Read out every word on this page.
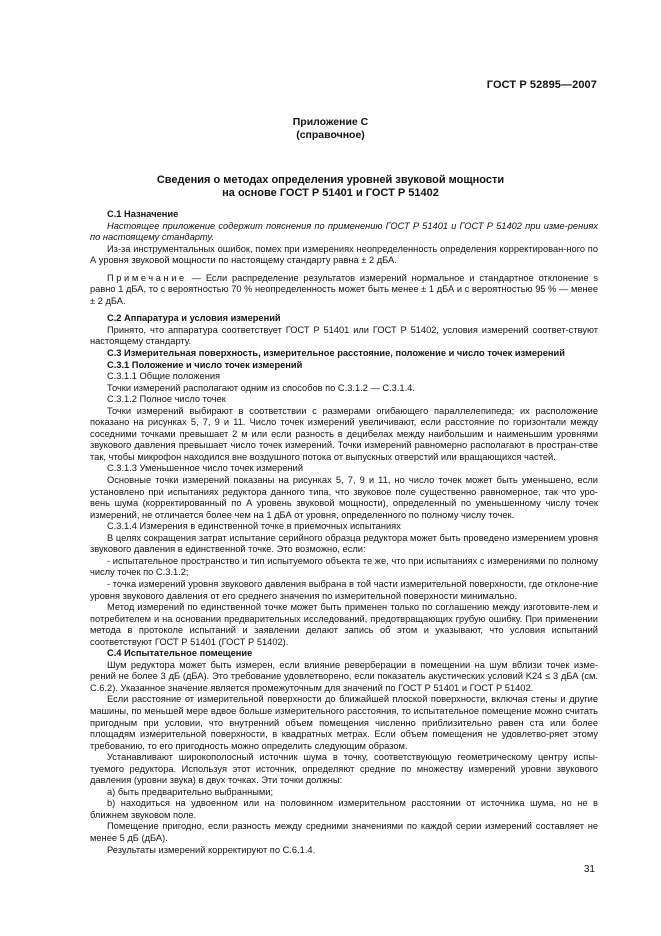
ГОСТ Р 52895—2007
Приложение С
(справочное)
Сведения о методах определения уровней звуковой мощности
на основе ГОСТ Р 51401 и ГОСТ Р 51402

С.1 Назначение

Настоящее приложение содержит пояснения по применению ГОСТ Р 51401 и ГОСТ Р 51402 при изме-рениях по настоящему стандарту.

Из-за инструментальных ошибок, помех при измерениях неопределенность определения корректирован-ного по А уровня звуковой мощности по настоящему стандарту равна ± 2 дБА.

Примечание — Если распределение результатов измерений нормальное и стандартное отклонение s равно 1 дБА, то с вероятностью 70 % неопределенность может быть менее ± 1 дБА и с вероятностью 95 % — менее ± 2 дБА.

С.2 Аппаратура и условия измерений

Принято, что аппаратура соответствует ГОСТ Р 51401 или ГОСТ Р 51402, условия измерений соответ-ствуют настоящему стандарту.

С.3 Измерительная поверхность, измерительное расстояние, положение и число точек измерений

С.3.1 Положение и число точек измерений

С.3.1.1 Общие положения

Точки измерений располагают одним из способов по С.3.1.2 — С.3.1.4.

С.3.1.2 Полное число точек

Точки измерений выбирают в соответствии с размерами огибающего параллелепипеда; их расположение показано на рисунках 5, 7, 9 и 11. Число точек измерений увеличивают, если расстояние по горизонтали между соседними точками превышает 2 м или если разность в децибелах между наибольшим и наименьшим уровнями звукового давления превышает число точек измерений. Точки измерений равномерно располагают в простран-стве так, чтобы микрофон находился вне воздушного потока от выпускных отверстий или вращающихся частей.

С.3.1.3 Уменьшенное число точек измерений

Основные точки измерений показаны на рисунках 5, 7, 9 и 11, но число точек может быть уменьшено, если установлено при испытаниях редуктора данного типа, что звуковое поле существенно равномерное, так что уро-вень шума (корректированный по А уровень звуковой мощности), определенный по уменьшенному числу точек измерений, не отличается более чем на 1 дБА от уровня, определенного по полному числу точек.

С.3.1.4 Измерения в единственной точке в приемочных испытаниях

В целях сокращения затрат испытание серийного образца редуктора может быть проведено измерением уровня звукового давления в единственной точке. Это возможно, если:

- испытательное пространство и тип испытуемого объекта те же, что при испытаниях с измерениями по полному числу точек по С.3.1.2;

- точка измерений уровня звукового давления выбрана в той части измерительной поверхности, где отклоне-ние уровня звукового давления от его среднего значения по измерительной поверхности минимально.

Метод измерений по единственной точке может быть применен только по соглашению между изготовите-лем и потребителем и на основании предварительных исследований, предотвращающих грубую ошибку. При применении метода в протоколе испытаний и заявлении делают запись об этом и указывают, что условия испытаний соответствуют ГОСТ Р 51401 (ГОСТ Р 51402).

С.4 Испытательное помещение

Шум редуктора может быть измерен, если влияние реверберации в помещении на шум вблизи точек изме-рений не более 3 дБ (дБА). Это требование удовлетворено, если показатель акустических условий K24 ≤ 3 дБА (см. С.6.2). Указанное значение является промежуточным для значений по ГОСТ Р 51401 и ГОСТ Р 51402.

Если расстояние от измерительной поверхности до ближайшей плоской поверхности, включая стены и другие машины, по меньшей мере вдвое больше измерительного расстояния, то испытательное помещение можно считать пригодным при условии, что внутренний объем помещения численно приблизительно равен ста или более площадям измерительной поверхности, в квадратных метрах. Если объем помещения не удовлетво-ряет этому требованию, то его пригодность можно определить следующим образом.

Устанавливают широкополосный источник шума в точку, соответствующую геометрическому центру испы-туемого редуктора. Используя этот источник, определяют средние по множеству измерений уровни звукового давления (уровни звука) в двух точках. Эти точки должны:

а) быть предварительно выбранными;

b) находиться на удвоенном или на половинном измерительном расстоянии от источника шума, но не в ближнем звуковом поле.

Помещение пригодно, если разность между средними значениями по каждой серии измерений составляет не менее 5 дБ (дБА).

Результаты измерений корректируют по С.6.1.4.

31
